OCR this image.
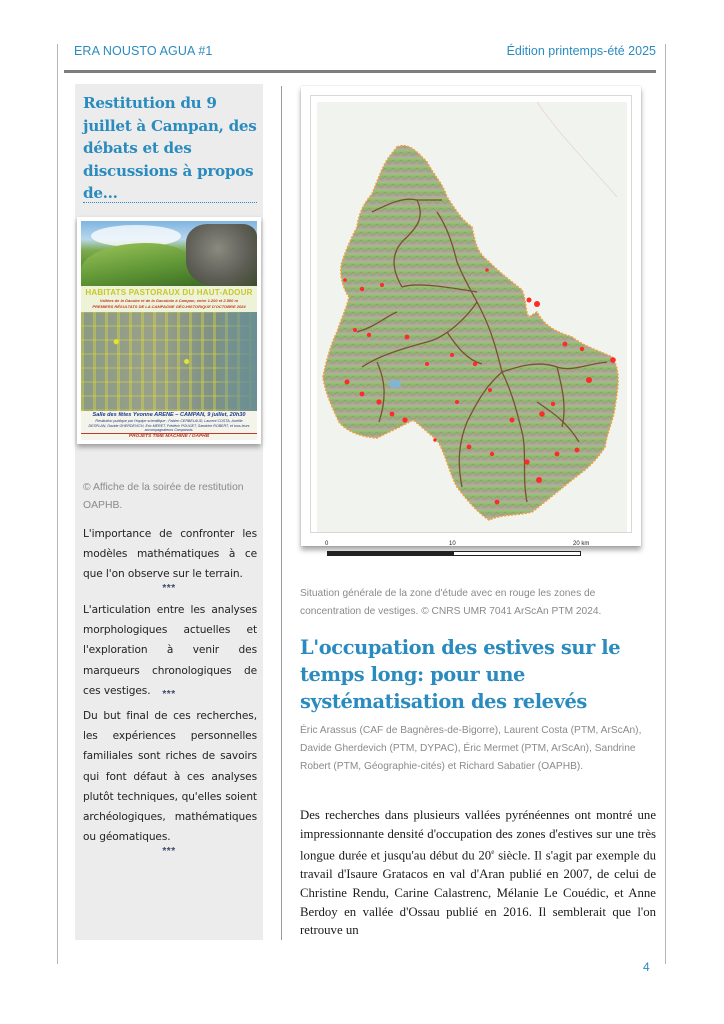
ERA NOUSTO AGUA #1	Édition printemps-été 2025
Restitution du 9 juillet à Campan, des débats et des discussions à propos de...
HABITATS PASTORAUX DU HAUT-ADOUR
Vallées de la Gaoube et de la Gaoubole à Campan, entre 1.200 et 2.500 m
PREMIERS RÉSULTATS DE LA CAMPAGNE GÉO-HISTORIQUE D'OCTOBRE 2024
Salle des fêtes Yvonne ARENE – CAMPAN, 9 juillet, 20h30
Restitution publique par l'équipe scientifique : Fabien CERBELAUD, Laurent COSTA, Aurélie DESPLAN, Davide GHERDEVICH, Eric MERET, Frédéric POUGET, Sandrine ROBERT, et tous leurs accompagnateurs Campanois.
PROJETS TIME MACHINE / OAPHB

© Affiche de la soirée de restitution OAPHB.

L'importance de confronter les modèles mathématiques à ce que l'on observe sur le terrain.

***

L'articulation entre les analyses morphologiques actuelles et l'exploration à venir des marqueurs chronologiques de ces vestiges.	***

Du but final de ces recherches, les expériences personnelles familiales sont riches de savoirs qui font défaut à ces analyses plutôt techniques, qu'elles soient archéologiques, mathématiques ou géomatiques.

***
0	10	20 km

Situation générale de la zone d'étude avec en rouge les zones de concentration de vestiges. © CNRS UMR 7041 ArScAn PTM 2024.

L'occupation des estives sur le temps long: pour une systématisation des relevés

Éric Arassus (CAF de Bagnères-de-Bigorre), Laurent Costa (PTM, ArScAn), Davide Gherdevich (PTM, DYPAC), Éric Mermet (PTM, ArScAn), Sandrine Robert (PTM, Géographie-cités) et Richard Sabatier (OAPHB).

Des recherches dans plusieurs vallées pyrénéennes ont montré une impressionnante densité d'occupation des zones d'estives sur une très longue durée et jusqu'au début du 20e siècle. Il s'agit par exemple du travail d'Isaure Gratacos en val d'Aran publié en 2007, de celui de Christine Rendu, Carine Calastrenc, Mélanie Le Couédic, et Anne Berdoy en vallée d'Ossau publié en 2016. Il semblerait que l'on retrouve un

4
